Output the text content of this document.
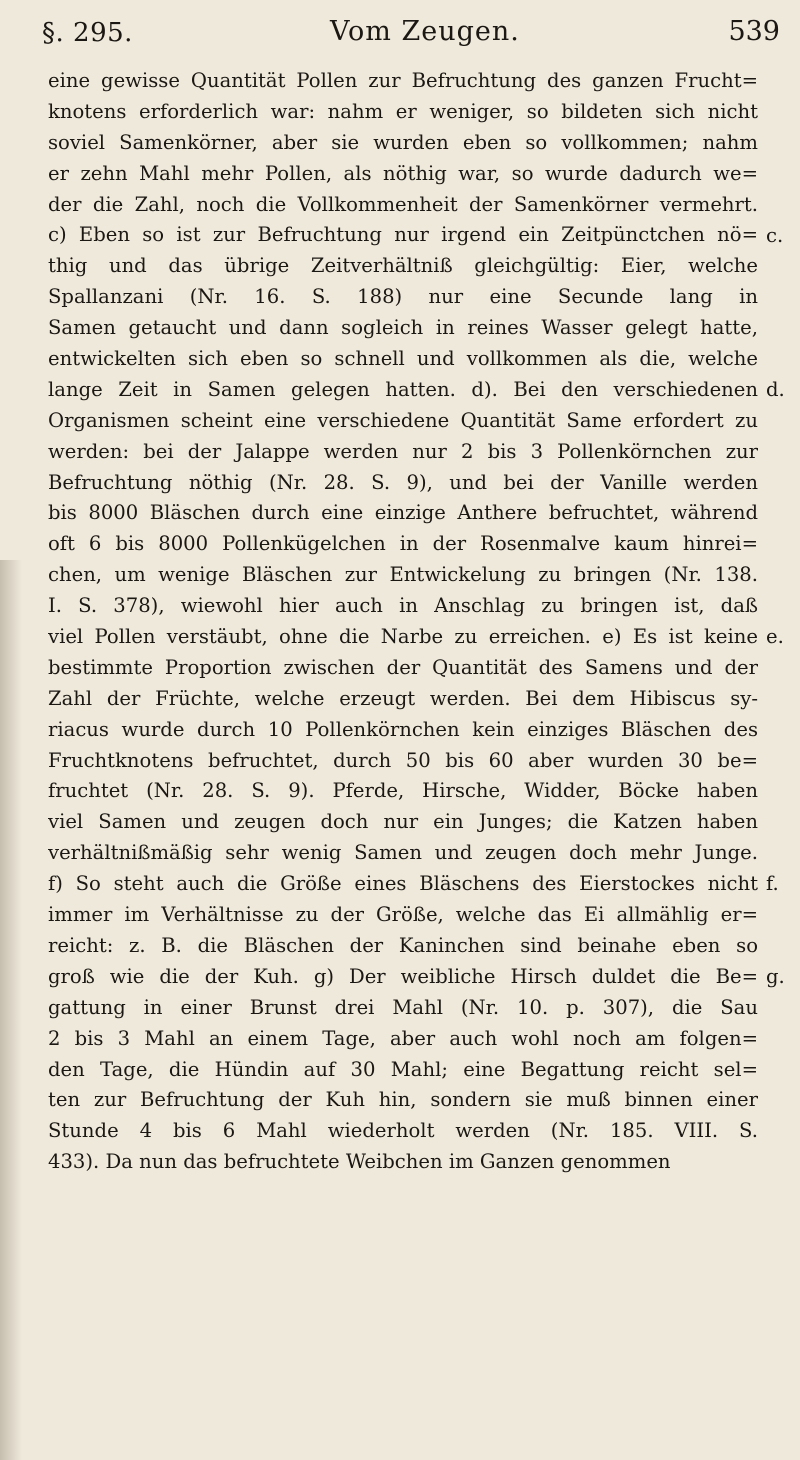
§. 295.	Vom Zeugen.	539
eine gewisse Quantität Pollen zur Befruchtung des ganzen Frucht=
knotens erforderlich war: nahm er weniger, so bildeten sich nicht
soviel Samenkörner, aber sie wurden eben so vollkommen; nahm
er zehn Mahl mehr Pollen, als nöthig war, so wurde dadurch we=
der die Zahl, noch die Vollkommenheit der Samenkörner vermehrt.
c) Eben so ist zur Befruchtung nur irgend ein Zeitpünctchen nö=
thig und das übrige Zeitverhältniß gleichgültig: Eier, welche
Spallanzani (Nr. 16. S. 188) nur eine Secunde lang in
Samen getaucht und dann sogleich in reines Wasser gelegt hatte,
entwickelten sich eben so schnell und vollkommen als die, welche
lange Zeit in Samen gelegen hatten. d). Bei den verschiedenen
Organismen scheint eine verschiedene Quantität Same erfordert zu
werden: bei der Jalappe werden nur 2 bis 3 Pollenkörnchen zur
Befruchtung nöthig (Nr. 28. S. 9), und bei der Vanille werden
bis 8000 Bläschen durch eine einzige Anthere befruchtet, während
oft 6 bis 8000 Pollenkügelchen in der Rosenmalve kaum hinrei=
chen, um wenige Bläschen zur Entwickelung zu bringen (Nr. 138.
I. S. 378), wiewohl hier auch in Anschlag zu bringen ist, daß
viel Pollen verstäubt, ohne die Narbe zu erreichen. e) Es ist keine
bestimmte Proportion zwischen der Quantität des Samens und der
Zahl der Früchte, welche erzeugt werden. Bei dem Hibiscus sy-
riacus wurde durch 10 Pollenkörnchen kein einziges Bläschen des
Fruchtknotens befruchtet, durch 50 bis 60 aber wurden 30 be=
fruchtet (Nr. 28. S. 9). Pferde, Hirsche, Widder, Böcke haben
viel Samen und zeugen doch nur ein Junges; die Katzen haben
verhältnißmäßig sehr wenig Samen und zeugen doch mehr Junge.
f) So steht auch die Größe eines Bläschens des Eierstockes nicht
immer im Verhältnisse zu der Größe, welche das Ei allmählig er=
reicht: z. B. die Bläschen der Kaninchen sind beinahe eben so
groß wie die der Kuh. g) Der weibliche Hirsch duldet die Be=
gattung in einer Brunst drei Mahl (Nr. 10. p. 307), die Sau
2 bis 3 Mahl an einem Tage, aber auch wohl noch am folgen=
den Tage, die Hündin auf 30 Mahl; eine Begattung reicht sel=
ten zur Befruchtung der Kuh hin, sondern sie muß binnen einer
Stunde 4 bis 6 Mahl wiederholt werden (Nr. 185. VIII. S.
433). Da nun das befruchtete Weibchen im Ganzen genommen
c.
d.
e.
f.
g.
